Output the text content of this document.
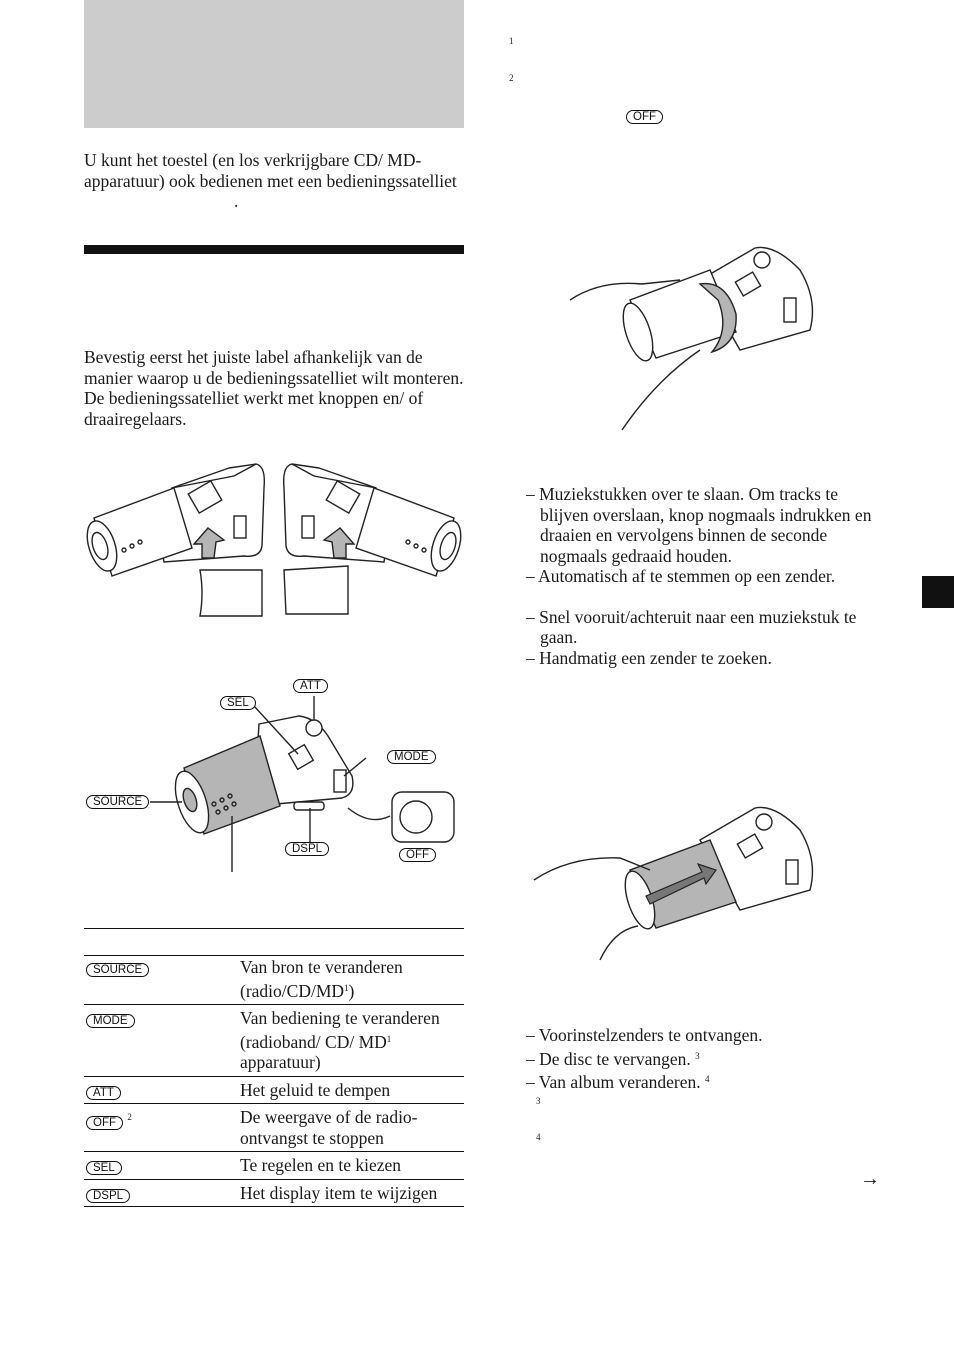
U kunt het toestel (en los verkrijgbare CD/ MD-apparatuur) ook bedienen met een bedieningssatelliet.

Bevestig eerst het juiste label afhankelijk van de manier waarop u de bedieningssatelliet wilt monteren.

De bedieningssatelliet werkt met knoppen en/ of draairegelaars.

ATT
SEL
MODE
SOURCE
DSPL	OFF
SOURCE	Van bron te veranderen $(radio/CD/MD^1)$
MODE	Van bediening te veranderen (radioband/ CD/ $MD^1$ apparatuur)
ATT	Het geluid te dempen
OFF $^2$	De weergave of de radio-ontvangst te stoppen
SEL	Te regelen en te kiezen
DSPL	Het display item te wijzigen
1
2
OFF
– Muziekstukken over te slaan. Om tracks te blijven overslaan, knop nogmaals indrukken en draaien en vervolgens binnen de seconde nogmaals gedraaid houden.
– Automatisch af te stemmen op een zender.
– Snel vooruit/achteruit naar een muziekstuk te gaan.
– Handmatig een zender te zoeken.
– Voorinstelzenders te ontvangen.
– De disc te vervangen. $^3$
– Van album veranderen. $^4$
3
4
→
